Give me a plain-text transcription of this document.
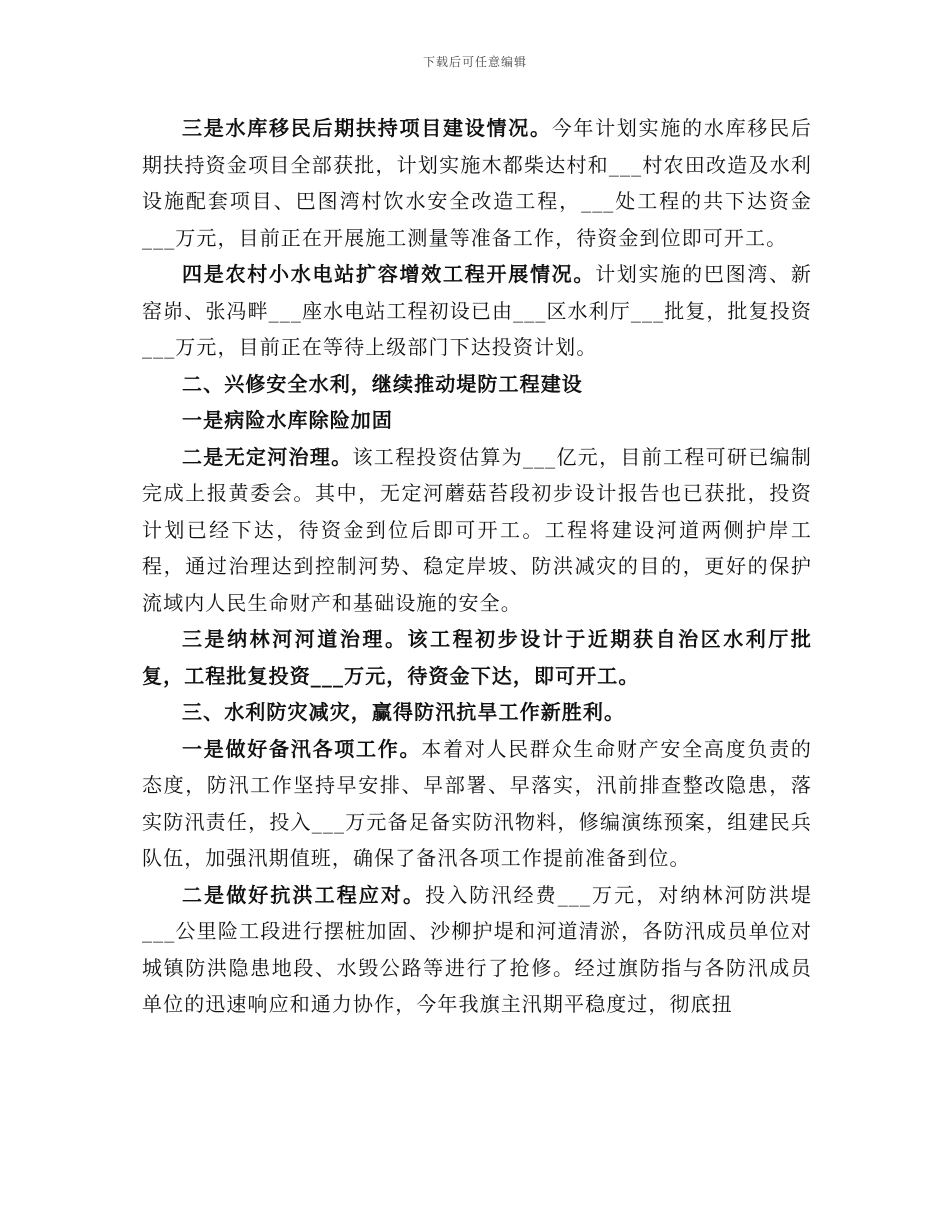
下载后可任意编辑

三是水库移民后期扶持项目建设情况。今年计划实施的水库移民后期扶持资金项目全部获批，计划实施木都柴达村和___村农田改造及水利设施配套项目、巴图湾村饮水安全改造工程，___处工程的共下达资金___万元，目前正在开展施工测量等准备工作，待资金到位即可开工。

四是农村小水电站扩容增效工程开展情况。计划实施的巴图湾、新窑峁、张冯畔___座水电站工程初设已由___区水利厅___批复，批复投资___万元，目前正在等待上级部门下达投资计划。

二、兴修安全水利，继续推动堤防工程建设

一是病险水库除险加固

二是无定河治理。该工程投资估算为___亿元，目前工程可研已编制完成上报黄委会。其中，无定河蘑菇苔段初步设计报告也已获批，投资计划已经下达，待资金到位后即可开工。工程将建设河道两侧护岸工程，通过治理达到控制河势、稳定岸坡、防洪减灾的目的，更好的保护流域内人民生命财产和基础设施的安全。

三是纳林河河道治理。该工程初步设计于近期获自治区水利厅批复，工程批复投资___万元，待资金下达，即可开工。

三、水利防灾减灾，赢得防汛抗旱工作新胜利。

一是做好备汛各项工作。本着对人民群众生命财产安全高度负责的态度，防汛工作坚持早安排、早部署、早落实，汛前排查整改隐患，落实防汛责任，投入___万元备足备实防汛物料，修编演练预案，组建民兵队伍，加强汛期值班，确保了备汛各项工作提前准备到位。

二是做好抗洪工程应对。投入防汛经费___万元，对纳林河防洪堤___公里险工段进行摆桩加固、沙柳护堤和河道清淤，各防汛成员单位对城镇防洪隐患地段、水毁公路等进行了抢修。经过旗防指与各防汛成员单位的迅速响应和通力协作，今年我旗主汛期平稳度过，彻底扭
